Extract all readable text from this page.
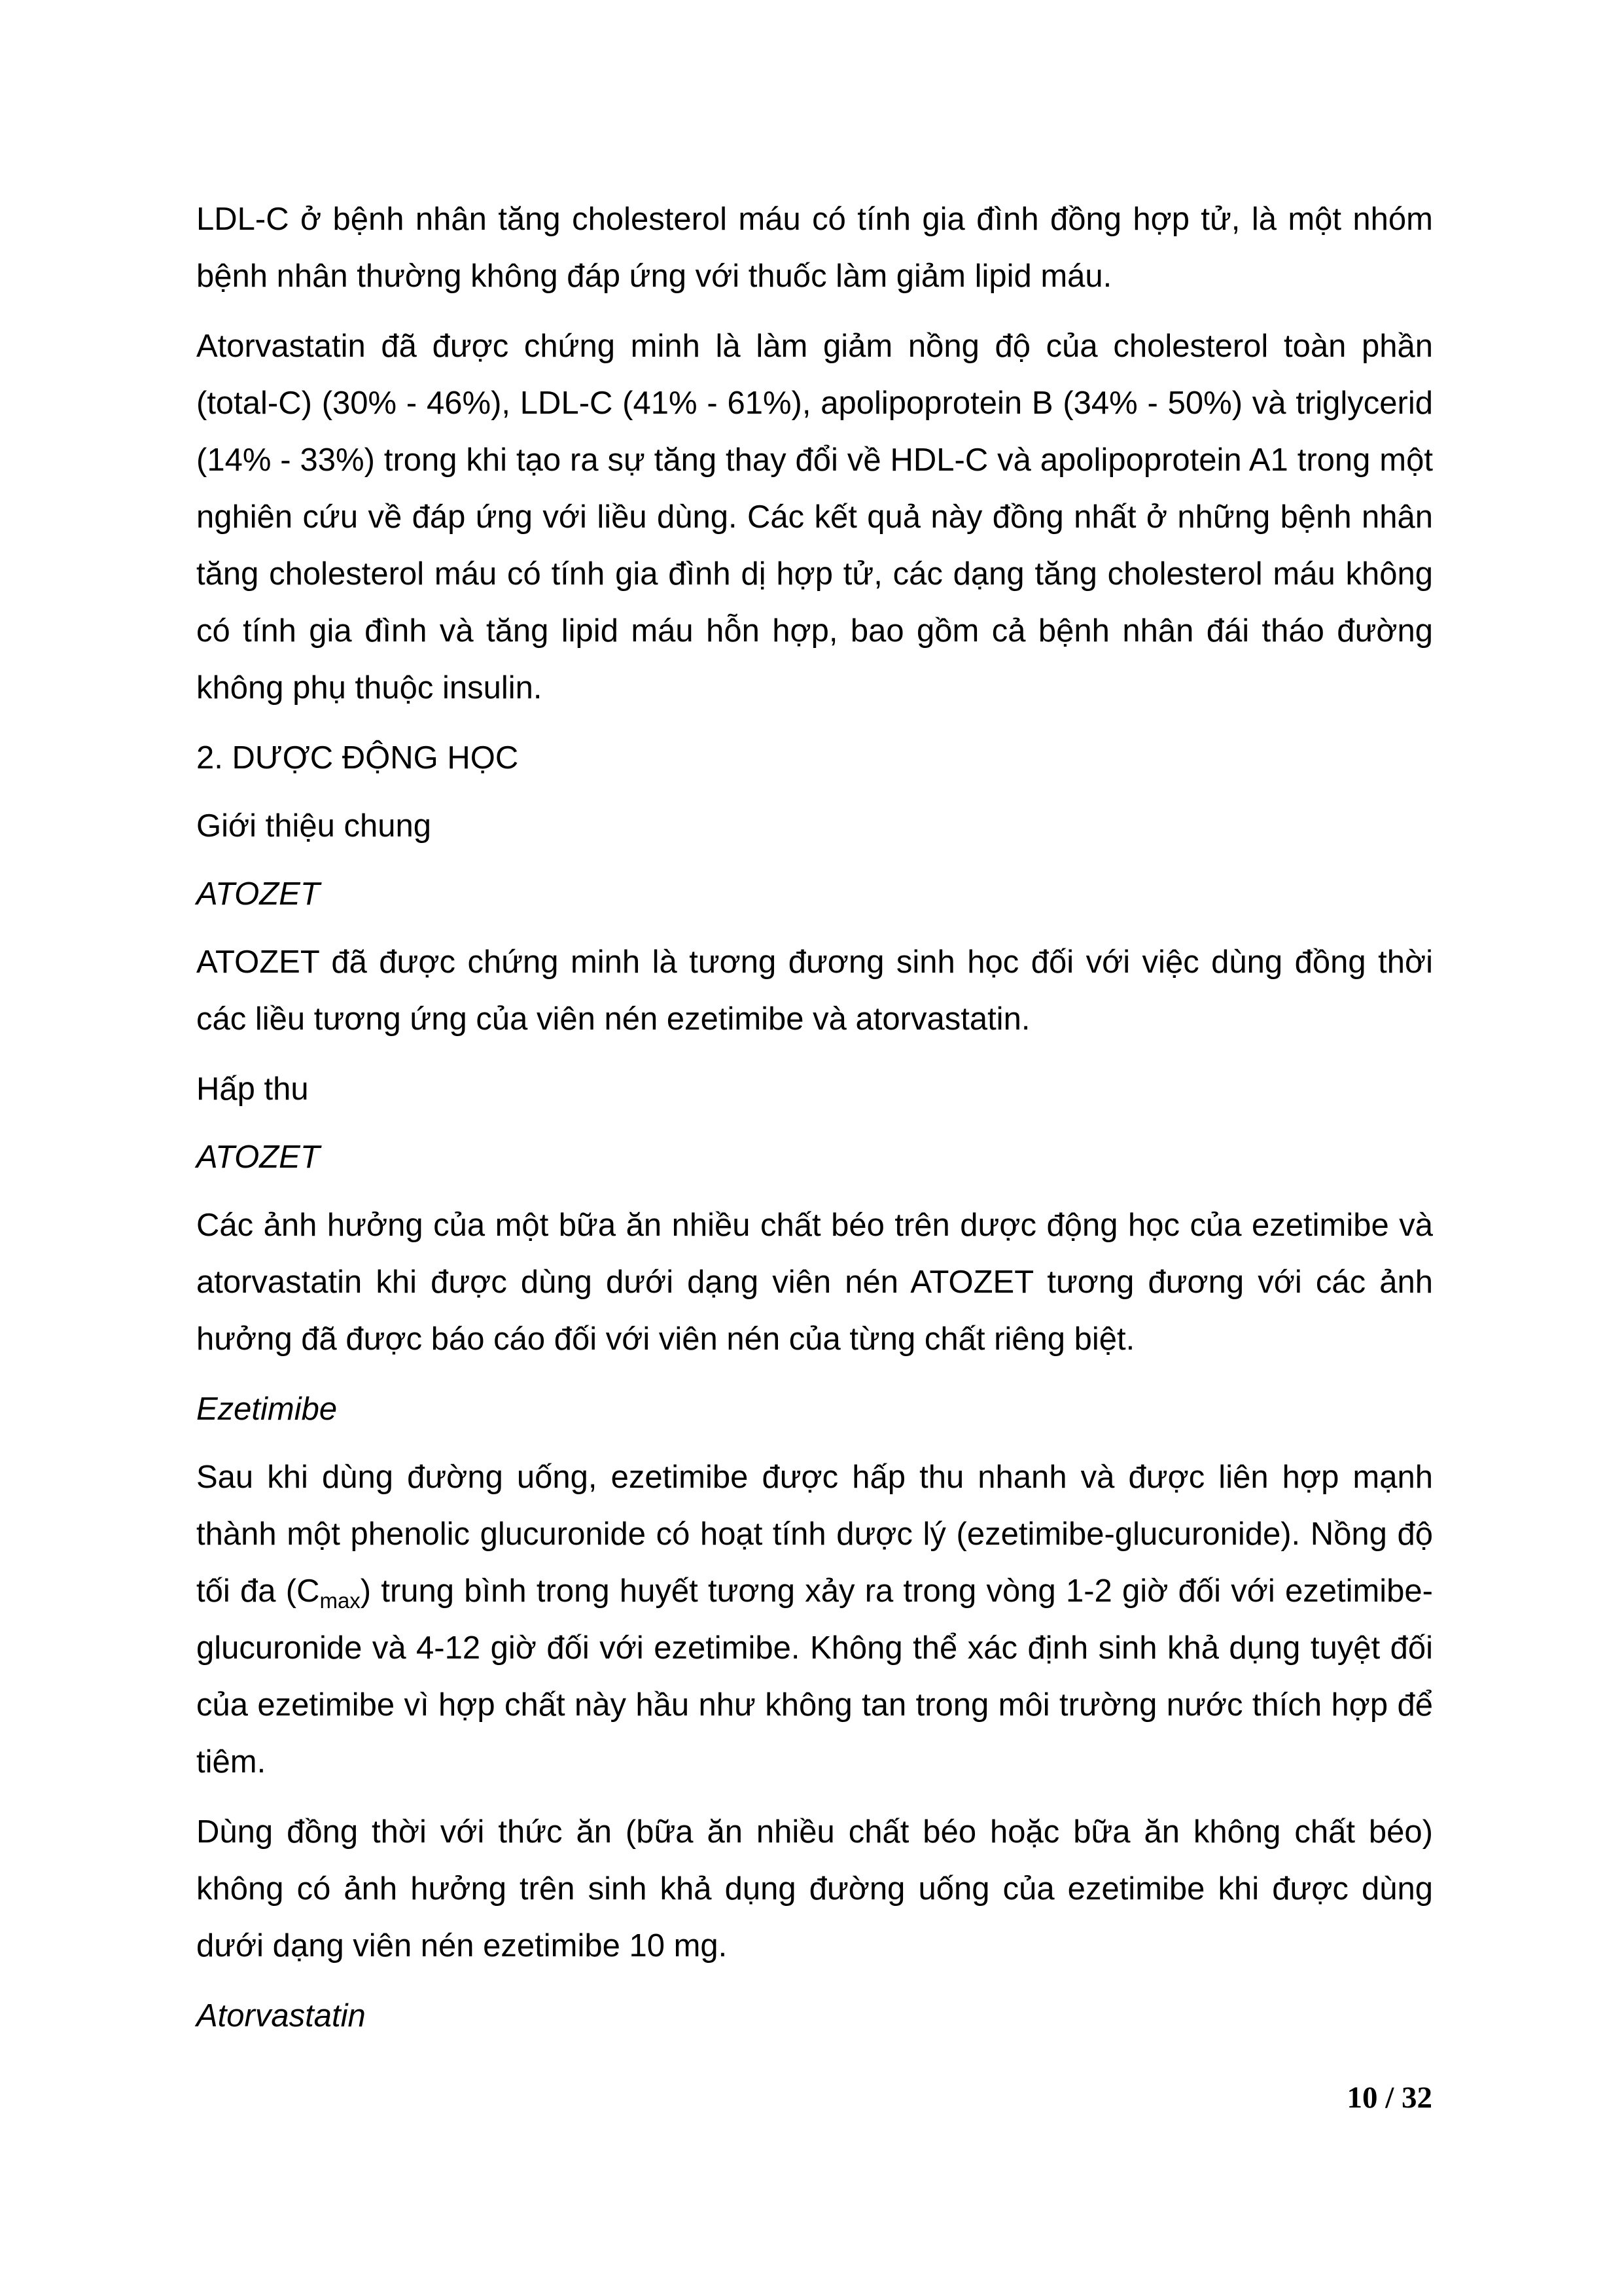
LDL-C ở bệnh nhân tăng cholesterol máu có tính gia đình đồng hợp tử, là một nhóm bệnh nhân thường không đáp ứng với thuốc làm giảm lipid máu.

Atorvastatin đã được chứng minh là làm giảm nồng độ của cholesterol toàn phần (total-C) (30% - 46%), LDL-C (41% - 61%), apolipoprotein B (34% - 50%) và triglycerid (14% - 33%) trong khi tạo ra sự tăng thay đổi về HDL-C và apolipoprotein A1 trong một nghiên cứu về đáp ứng với liều dùng. Các kết quả này đồng nhất ở những bệnh nhân tăng cholesterol máu có tính gia đình dị hợp tử, các dạng tăng cholesterol máu không có tính gia đình và tăng lipid máu hỗn hợp, bao gồm cả bệnh nhân đái tháo đường không phụ thuộc insulin.

2. DƯỢC ĐỘNG HỌC
Giới thiệu chung
ATOZET

ATOZET đã được chứng minh là tương đương sinh học đối với việc dùng đồng thời các liều tương ứng của viên nén ezetimibe và atorvastatin.

Hấp thu
ATOZET

Các ảnh hưởng của một bữa ăn nhiều chất béo trên dược động học của ezetimibe và atorvastatin khi được dùng dưới dạng viên nén ATOZET tương đương với các ảnh hưởng đã được báo cáo đối với viên nén của từng chất riêng biệt.

Ezetimibe

Sau khi dùng đường uống, ezetimibe được hấp thu nhanh và được liên hợp mạnh thành một phenolic glucuronide có hoạt tính dược lý (ezetimibe-glucuronide). Nồng độ tối đa $(C_{max})$ trung bình trong huyết tương xảy ra trong vòng 1-2 giờ đối với ezetimibe-glucuronide và 4-12 giờ đối với ezetimibe. Không thể xác định sinh khả dụng tuyệt đối của ezetimibe vì hợp chất này hầu như không tan trong môi trường nước thích hợp để tiêm.

Dùng đồng thời với thức ăn (bữa ăn nhiều chất béo hoặc bữa ăn không chất béo) không có ảnh hưởng trên sinh khả dụng đường uống của ezetimibe khi được dùng dưới dạng viên nén ezetimibe 10 mg.

Atorvastatin
10 / 32
